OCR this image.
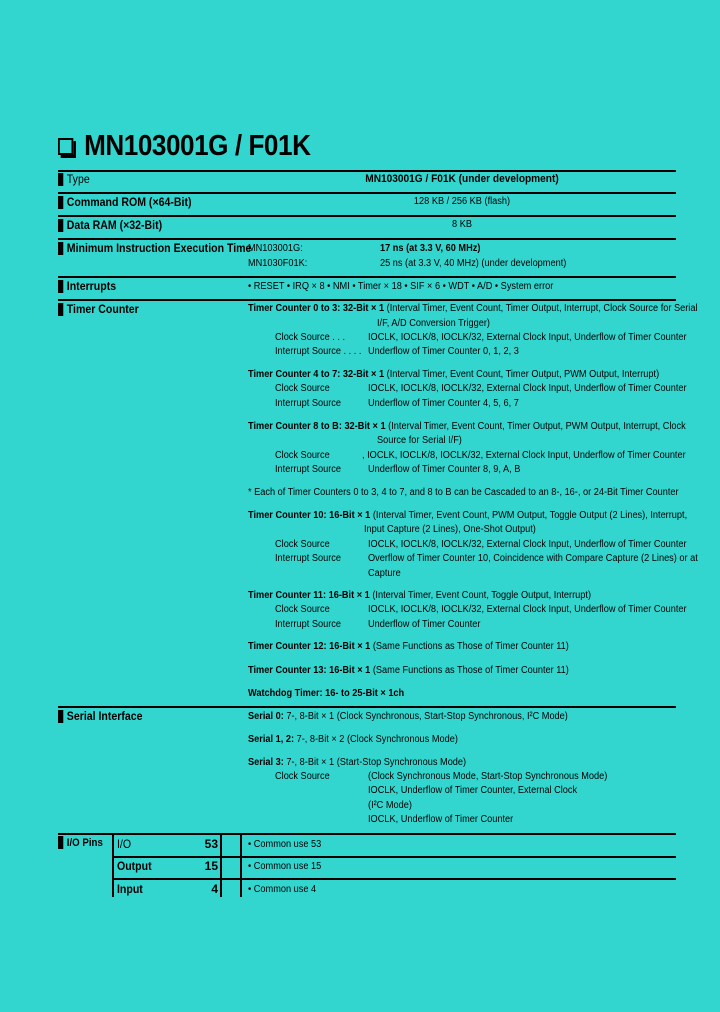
MN103001G / F01K
Type	MN103001G / F01K (under development)
Command ROM (×64-Bit)	128 KB / 256 KB (flash)
Data RAM (×32-Bit)	8 KB
Minimum Instruction Execution Time
MN103001G:	17 ns (at 3.3 V, 60 MHz)
MN1030F01K:	25 ns (at 3.3 V, 40 MHz) (under development)
Interrupts	• RESET • IRQ × 8 • NMI • Timer × 18 • SIF × 6 • WDT • A/D • System error
Timer Counter	Timer Counter 0 to 3: 32-Bit × 1 (Interval Timer, Event Count, Timer Output, Interrupt, Clock Source for Serial
I/F, A/D Conversion Trigger)
Clock Source . . . IOCLK, IOCLK/8, IOCLK/32, External Clock Input, Underflow of Timer Counter
Interrupt Source . . . . Underflow of Timer Counter 0, 1, 2, 3
Timer Counter 4 to 7: 32-Bit × 1 (Interval Timer, Event Count, Timer Output, PWM Output, Interrupt)
Clock Source	IOCLK, IOCLK/8, IOCLK/32, External Clock Input, Underflow of Timer Counter
Interrupt Source	Underflow of Timer Counter 4, 5, 6, 7
Timer Counter 8 to B: 32-Bit × 1 (Interval Timer, Event Count, Timer Output, PWM Output, Interrupt, Clock
Source for Serial I/F)
Clock Source	, IOCLK, IOCLK/8, IOCLK/32, External Clock Input, Underflow of Timer Counter
Interrupt Source	Underflow of Timer Counter 8, 9, A, B
* Each of Timer Counters 0 to 3, 4 to 7, and 8 to B can be Cascaded to an 8-, 16-, or 24-Bit Timer Counter
Timer Counter 10: 16-Bit × 1 (Interval Timer, Event Count, PWM Output, Toggle Output (2 Lines), Interrupt,
Input Capture (2 Lines), One-Shot Output)
Clock Source	IOCLK, IOCLK/8, IOCLK/32, External Clock Input, Underflow of Timer Counter
Interrupt Source	Overflow of Timer Counter 10, Coincidence with Compare Capture (2 Lines) or at
Capture
Timer Counter 11: 16-Bit × 1 (Interval Timer, Event Count, Toggle Output, Interrupt)
Clock Source	IOCLK, IOCLK/8, IOCLK/32, External Clock Input, Underflow of Timer Counter
Interrupt Source	Underflow of Timer Counter
Timer Counter 12: 16-Bit × 1 (Same Functions as Those of Timer Counter 11)
Timer Counter 13: 16-Bit × 1 (Same Functions as Those of Timer Counter 11)
Watchdog Timer: 16- to 25-Bit × 1ch
Serial Interface	Serial 0: 7-, 8-Bit × 1 (Clock Synchronous, Start-Stop Synchronous, I²C Mode)
Serial 1, 2: 7-, 8-Bit × 2 (Clock Synchronous Mode)
Serial 3: 7-, 8-Bit × 1 (Start-Stop Synchronous Mode)
Clock Source	(Clock Synchronous Mode, Start-Stop Synchronous Mode)
IOCLK, Underflow of Timer Counter, External Clock
(I²C Mode)
IOCLK, Underflow of Timer Counter
I/O Pins I/O	53	• Common use 53
Output	15	• Common use 15
Input	4	• Common use 4
